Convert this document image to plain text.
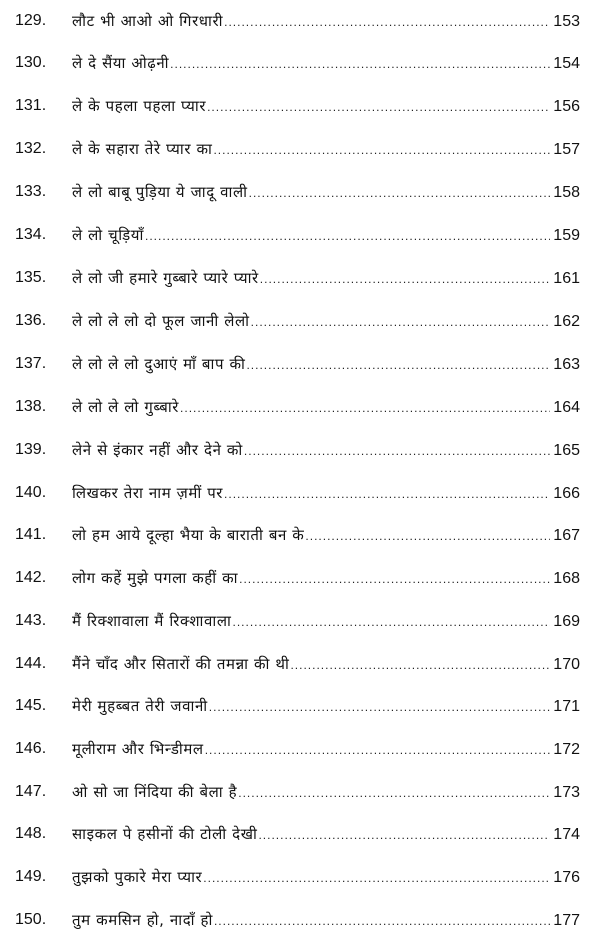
129.	लौट भी आओ ओ गिरधारी .....	153
130.	ले दे सैंया ओढ़नी .....	154
131.	ले के पहला पहला प्यार .....	156
132.	ले के सहारा तेरे प्यार का .....	157
133.	ले लो बाबू पुड़िया ये जादू वाली .....	158
134.	ले लो चूड़ियाँ .....	159
135.	ले लो जी हमारे गुब्बारे प्यारे प्यारे .....	161
136.	ले लो ले लो दो फूल जानी लेलो .....	162
137.	ले लो ले लो दुआएं माँ बाप की .....	163
138.	ले लो ले लो गुब्बारे .....	164
139.	लेने से इंकार नहीं और देने को .....	165
140.	लिखकर तेरा नाम ज़मीं पर .....	166
141.	लो हम आये दूल्हा भैया के बाराती बन के .....	167
142.	लोग कहें मुझे पगला कहीं का .....	168
143.	मैं रिक्शावाला मैं रिक्शावाला .....	169
144.	मैंने चाँद और सितारों की तमन्ना की थी .....	170
145.	मेरी मुहब्बत तेरी जवानी .....	171
146.	मूलीराम और भिन्डीमल .....	172
147.	ओ सो जा निंदिया की बेला है .....	173
148.	साइकल पे हसीनों की टोली देखी .....	174
149.	तुझको पुकारे मेरा प्यार .....	176
150.	तुम कमसिन हो, नादाँ हो .....	177
